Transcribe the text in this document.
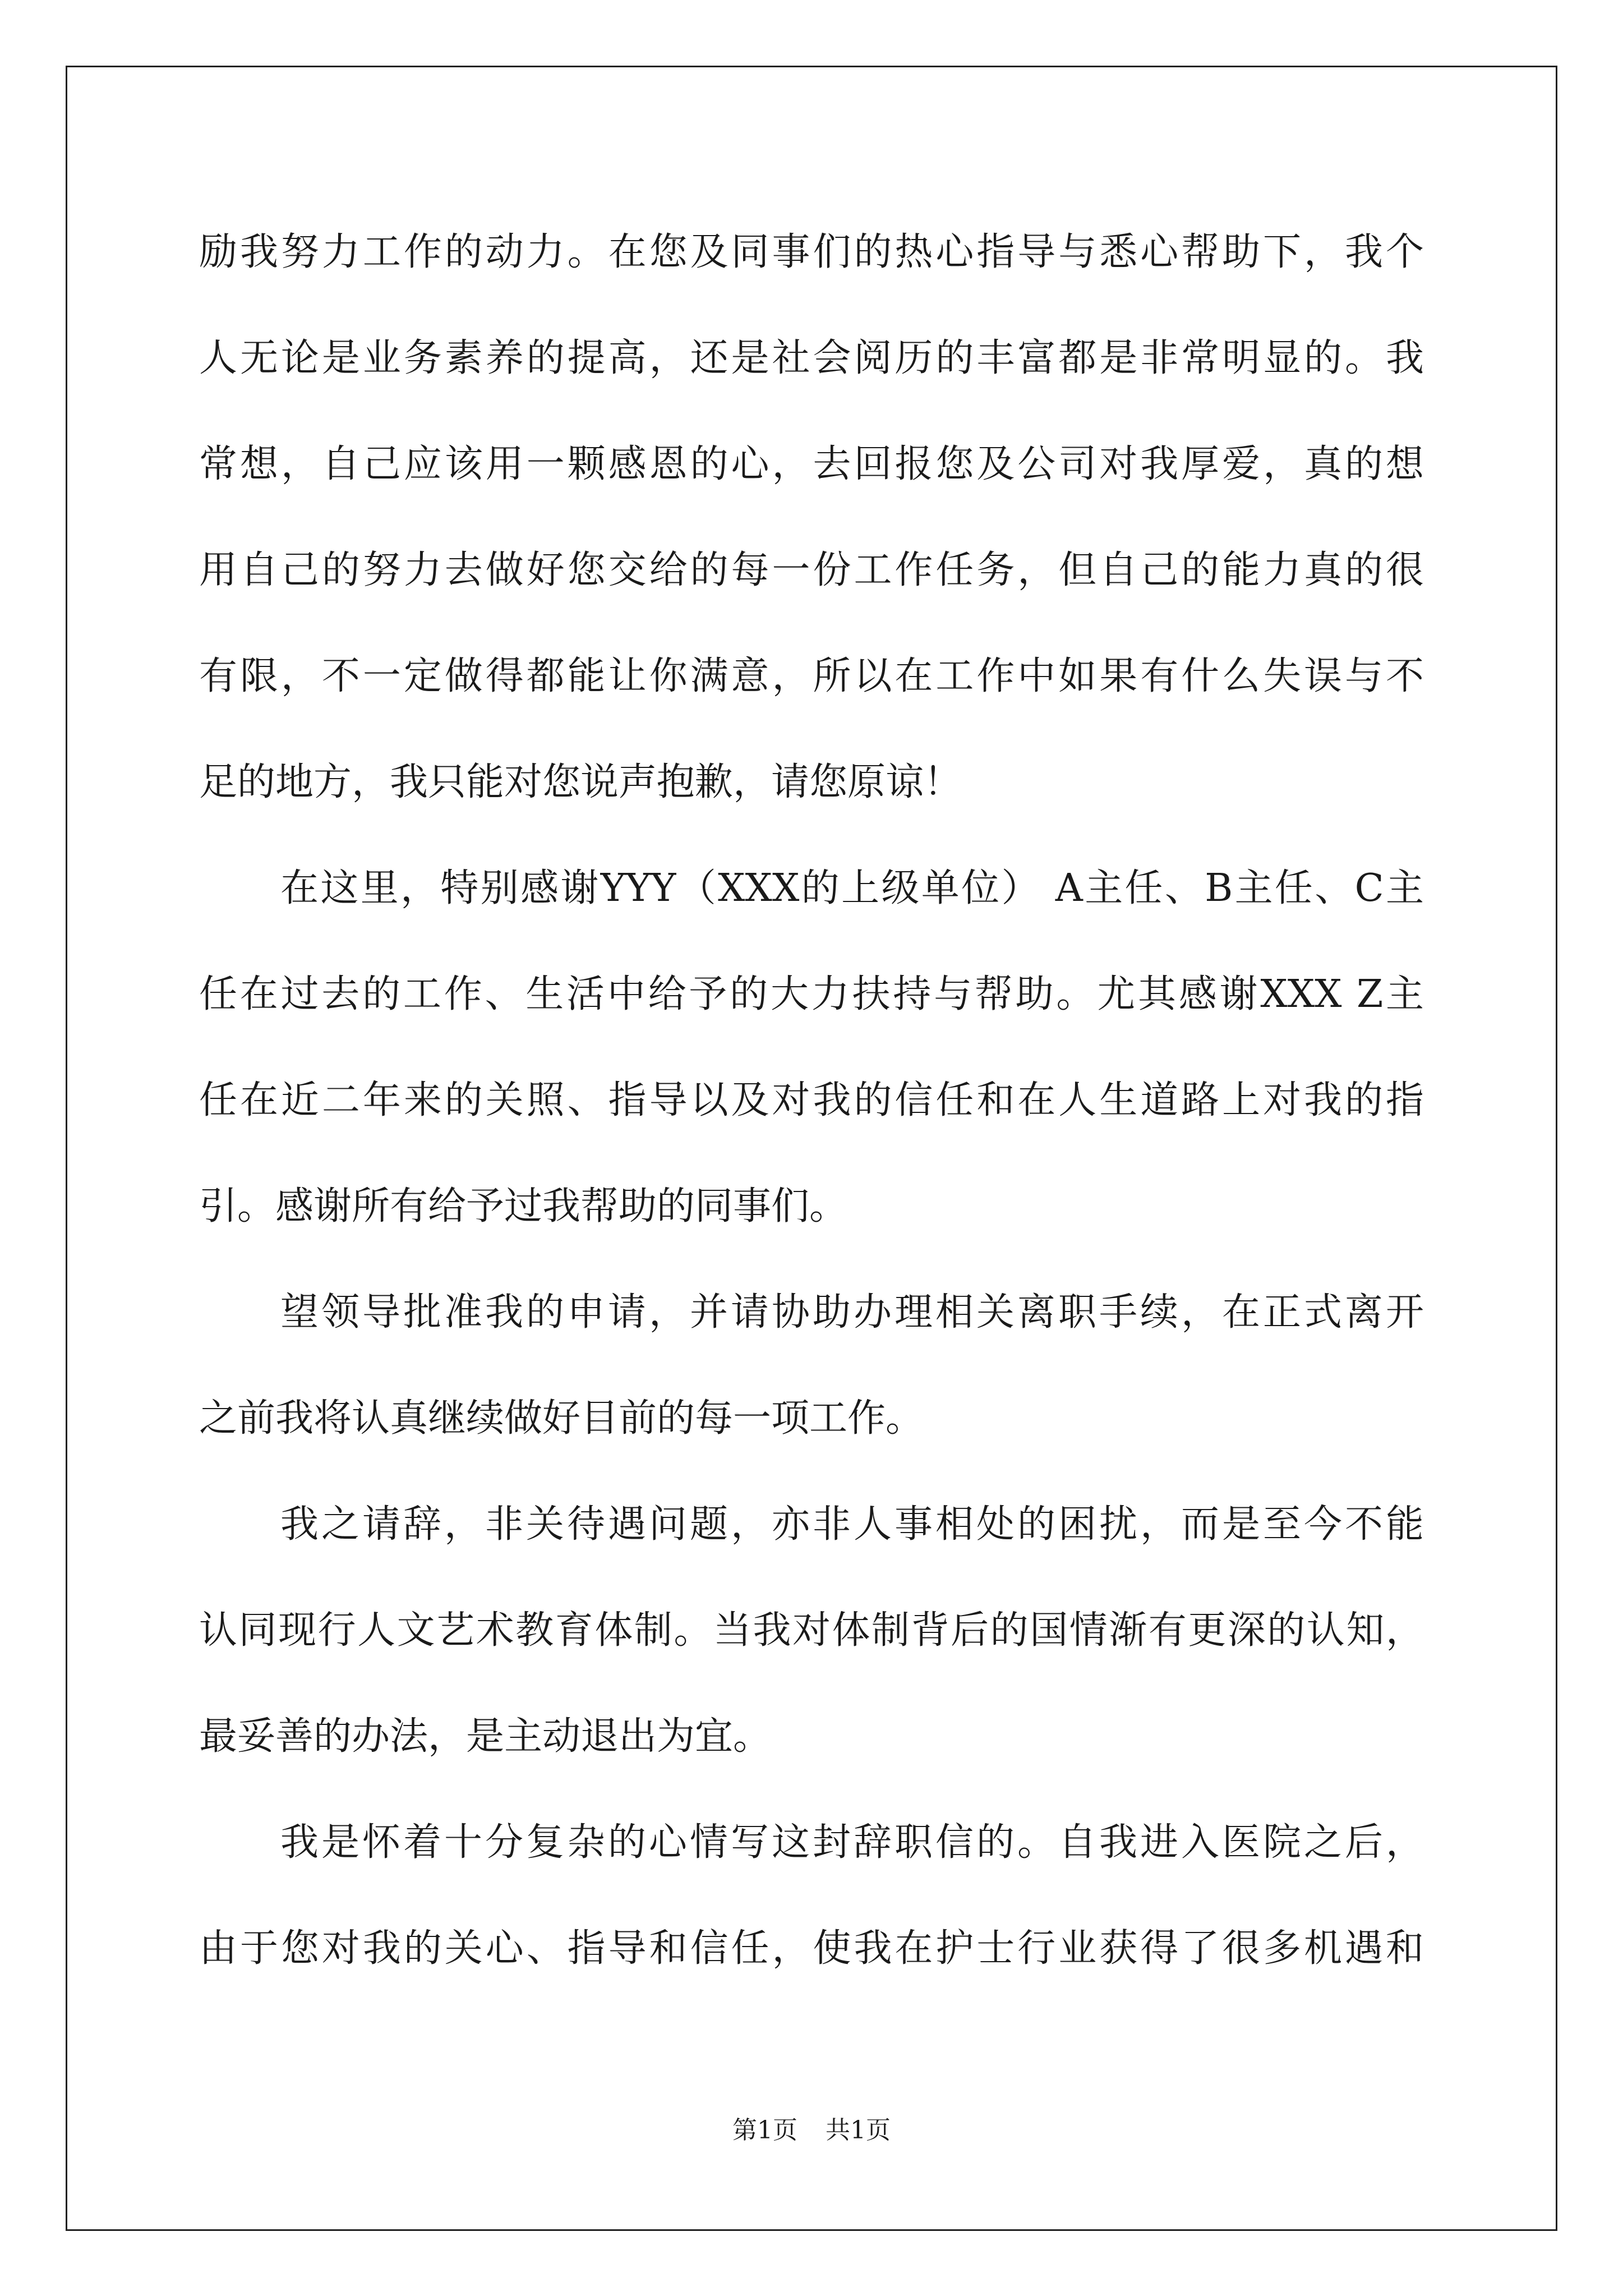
励我努力工作的动力。在您及同事们的热心指导与悉心帮助下，我个
人无论是业务素养的提高，还是社会阅历的丰富都是非常明显的。我
常想，自己应该用一颗感恩的心，去回报您及公司对我厚爱，真的想
用自己的努力去做好您交给的每一份工作任务，但自己的能力真的很
有限，不一定做得都能让你满意，所以在工作中如果有什么失误与不
足的地方，我只能对您说声抱歉，请您原谅！
在这里，特别感谢YYY（XXX的上级单位） A主任、B主任、C主
任在过去的工作、生活中给予的大力扶持与帮助。尤其感谢XXX Z主
任在近二年来的关照、指导以及对我的信任和在人生道路上对我的指
引。感谢所有给予过我帮助的同事们。
望领导批准我的申请，并请协助办理相关离职手续，在正式离开
之前我将认真继续做好目前的每一项工作。
我之请辞，非关待遇问题，亦非人事相处的困扰，而是至今不能
认同现行人文艺术教育体制。当我对体制背后的国情渐有更深的认知，
最妥善的办法，是主动退出为宜。
我是怀着十分复杂的心情写这封辞职信的。自我进入医院之后，
由于您对我的关心、指导和信任，使我在护士行业获得了很多机遇和
第1页 共1页
